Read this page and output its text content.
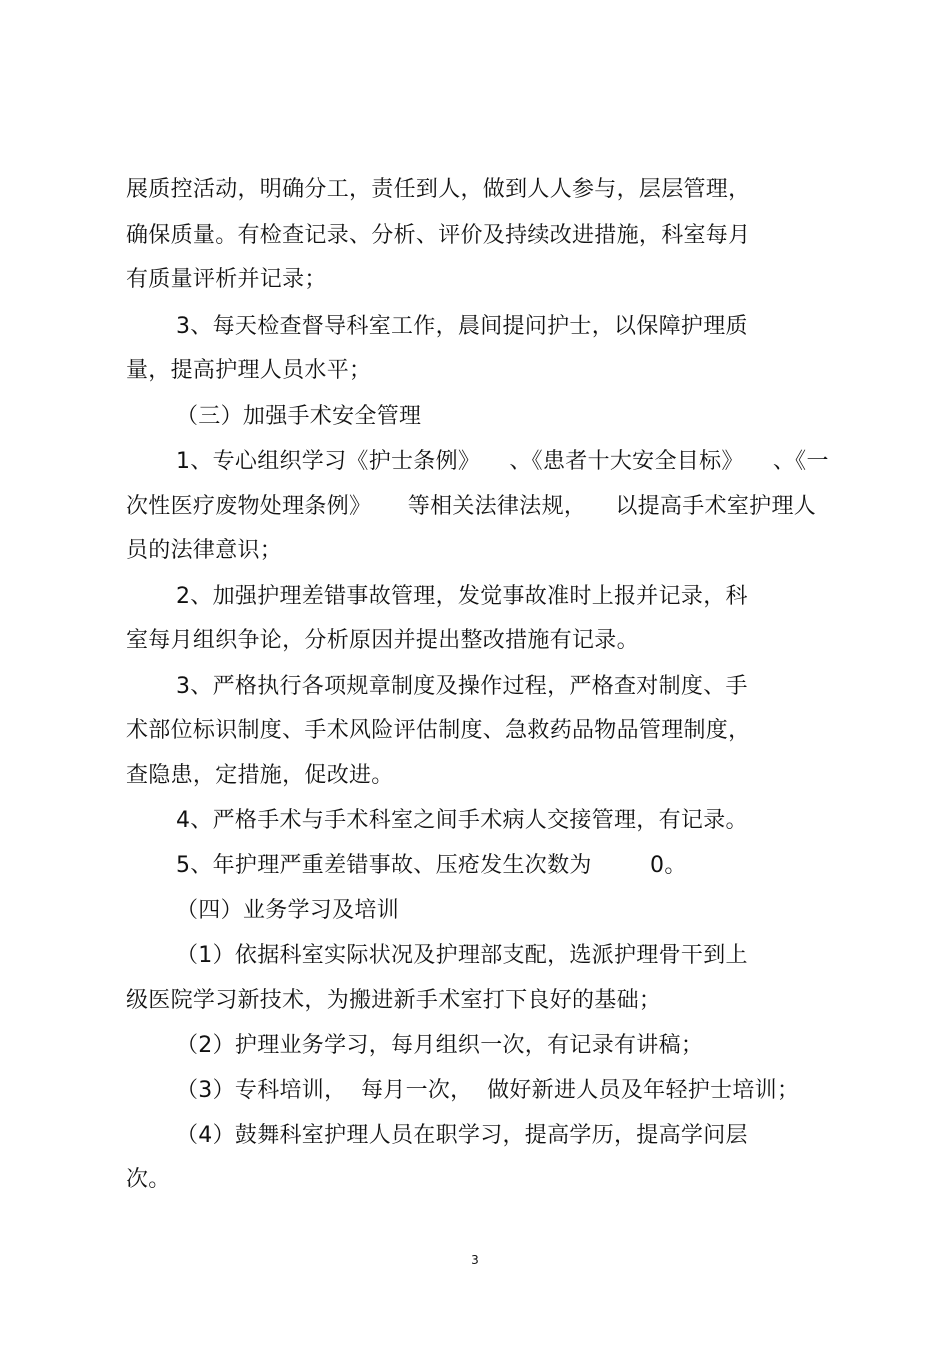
展质控活动，明确分工，责任到人，做到人人参与，层层管理，
确保质量。有检查记录、分析、评价及持续改进措施，科室每月
有质量评析并记录；
3、每天检查督导科室工作，晨间提问护士，以保障护理质
量，提高护理人员水平；
（三）加强手术安全管理
1、专心组织学习《护士条例》    、《患者十大安全目标》    、《一
次性医疗废物处理条例》     等相关法律法规，    以提高手术室护理人
员的法律意识；
2、加强护理差错事故管理，发觉事故准时上报并记录，科
室每月组织争论，分析原因并提出整改措施有记录。
3、严格执行各项规章制度及操作过程，严格查对制度、手
术部位标识制度、手术风险评估制度、急救药品物品管理制度，
查隐患，定措施，促改进。
4、严格手术与手术科室之间手术病人交接管理，有记录。
5、年护理严重差错事故、压疮发生次数为        0。
（四）业务学习及培训
（1）依据科室实际状况及护理部支配，选派护理骨干到上
级医院学习新技术，为搬进新手术室打下良好的基础；
（2）护理业务学习，每月组织一次，有记录有讲稿；
（3）专科培训，  每月一次，  做好新进人员及年轻护士培训；
（4）鼓舞科室护理人员在职学习，提高学历，提高学问层
次。
3
